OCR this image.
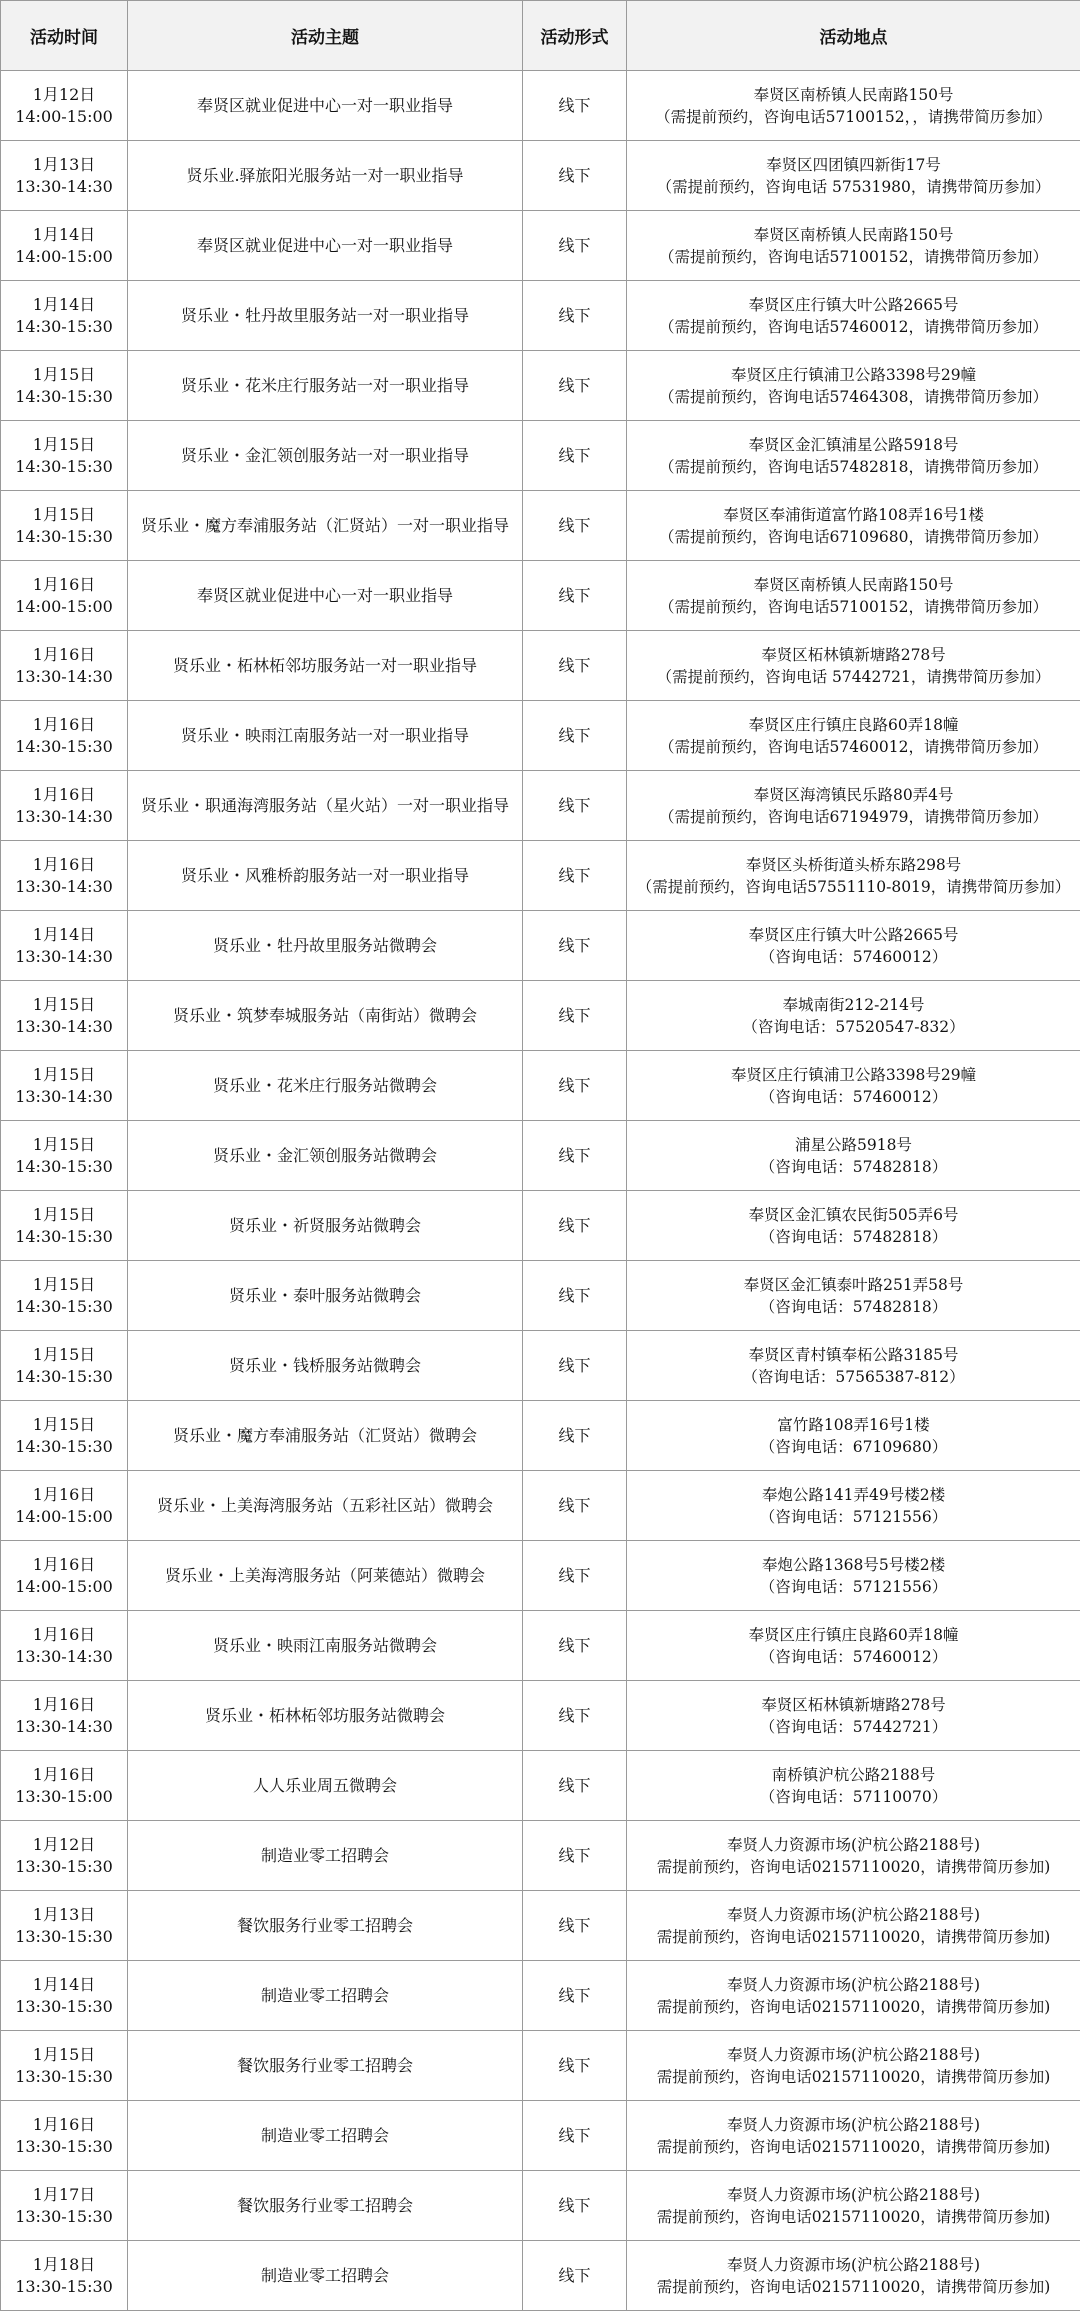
活动时间	活动主题	活动形式	活动地点

1月12日
14:00-15:00	奉贤区就业促进中心一对一职业指导	线下	奉贤区南桥镇人民南路150号
（需提前预约，咨询电话57100152，，请携带简历参加）

1月13日
13:30-14:30	贤乐业.驿旅阳光服务站一对一职业指导	线下	奉贤区四团镇四新街17号
（需提前预约，咨询电话 57531980，请携带简历参加）

1月14日
14:00-15:00	奉贤区就业促进中心一对一职业指导	线下	奉贤区南桥镇人民南路150号
（需提前预约，咨询电话57100152，请携带简历参加）

1月14日
14:30-15:30	贤乐业・牡丹故里服务站一对一职业指导	线下	奉贤区庄行镇大叶公路2665号
（需提前预约，咨询电话57460012，请携带简历参加）

1月15日
14:30-15:30	贤乐业・花米庄行服务站一对一职业指导	线下	奉贤区庄行镇浦卫公路3398号29幢
（需提前预约，咨询电话57464308，请携带简历参加）

1月15日
14:30-15:30	贤乐业・金汇领创服务站一对一职业指导	线下	奉贤区金汇镇浦星公路5918号
（需提前预约，咨询电话57482818，请携带简历参加）

1月15日
14:30-15:30	贤乐业・魔方奉浦服务站（汇贤站）一对一职业指导	线下	奉贤区奉浦街道富竹路108弄16号1楼
（需提前预约，咨询电话67109680，请携带简历参加）

1月16日
14:00-15:00	奉贤区就业促进中心一对一职业指导	线下	奉贤区南桥镇人民南路150号
（需提前预约，咨询电话57100152，请携带简历参加）

1月16日
13:30-14:30	贤乐业・柘林柘邻坊服务站一对一职业指导	线下	奉贤区柘林镇新塘路278号
（需提前预约，咨询电话 57442721，请携带简历参加）

1月16日
14:30-15:30	贤乐业・映雨江南服务站一对一职业指导	线下	奉贤区庄行镇庄良路60弄18幢
（需提前预约，咨询电话57460012，请携带简历参加）

1月16日
13:30-14:30	贤乐业・职通海湾服务站（星火站）一对一职业指导	线下	奉贤区海湾镇民乐路80弄4号
（需提前预约，咨询电话67194979，请携带简历参加）

1月16日
13:30-14:30	贤乐业・风雅桥韵服务站一对一职业指导	线下	奉贤区头桥街道头桥东路298号
（需提前预约，咨询电话57551110-8019，请携带简历参加）

1月14日
13:30-14:30	贤乐业・牡丹故里服务站微聘会	线下	奉贤区庄行镇大叶公路2665号
（咨询电话：57460012）

1月15日
13:30-14:30	贤乐业・筑梦奉城服务站（南街站）微聘会	线下	奉城南街212-214号
（咨询电话：57520547-832）

1月15日
13:30-14:30	贤乐业・花米庄行服务站微聘会	线下	奉贤区庄行镇浦卫公路3398号29幢
（咨询电话：57460012）

1月15日
14:30-15:30	贤乐业・金汇领创服务站微聘会	线下	浦星公路5918号
（咨询电话：57482818）

1月15日
14:30-15:30	贤乐业・祈贤服务站微聘会	线下	奉贤区金汇镇农民街505弄6号
（咨询电话：57482818）

1月15日
14:30-15:30	贤乐业・泰叶服务站微聘会	线下	奉贤区金汇镇泰叶路251弄58号
（咨询电话：57482818）

1月15日
14:30-15:30	贤乐业・钱桥服务站微聘会	线下	奉贤区青村镇奉柘公路3185号
（咨询电话：57565387-812）

1月15日
14:30-15:30	贤乐业・魔方奉浦服务站（汇贤站）微聘会	线下	富竹路108弄16号1楼
（咨询电话：67109680）

1月16日
14:00-15:00	贤乐业・上美海湾服务站（五彩社区站）微聘会	线下	奉炮公路141弄49号楼2楼
（咨询电话：57121556）

1月16日
14:00-15:00	贤乐业・上美海湾服务站（阿莱德站）微聘会	线下	奉炮公路1368号5号楼2楼
（咨询电话：57121556）

1月16日
13:30-14:30	贤乐业・映雨江南服务站微聘会	线下	奉贤区庄行镇庄良路60弄18幢
（咨询电话：57460012）

1月16日
13:30-14:30	贤乐业・柘林柘邻坊服务站微聘会	线下	奉贤区柘林镇新塘路278号
（咨询电话：57442721）

1月16日
13:30-15:00	人人乐业周五微聘会	线下	南桥镇沪杭公路2188号
（咨询电话：57110070）

1月12日
13:30-15:30	制造业零工招聘会	线下	奉贤人力资源市场(沪杭公路2188号)
需提前预约，咨询电话02157110020，请携带简历参加)

1月13日
13:30-15:30	餐饮服务行业零工招聘会	线下	奉贤人力资源市场(沪杭公路2188号)
需提前预约，咨询电话02157110020，请携带简历参加)

1月14日
13:30-15:30	制造业零工招聘会	线下	奉贤人力资源市场(沪杭公路2188号)
需提前预约，咨询电话02157110020，请携带简历参加)

1月15日
13:30-15:30	餐饮服务行业零工招聘会	线下	奉贤人力资源市场(沪杭公路2188号)
需提前预约，咨询电话02157110020，请携带简历参加)

1月16日
13:30-15:30	制造业零工招聘会	线下	奉贤人力资源市场(沪杭公路2188号)
需提前预约，咨询电话02157110020，请携带简历参加)

1月17日
13:30-15:30	餐饮服务行业零工招聘会	线下	奉贤人力资源市场(沪杭公路2188号)
需提前预约，咨询电话02157110020，请携带简历参加)

1月18日
13:30-15:30	制造业零工招聘会	线下	奉贤人力资源市场(沪杭公路2188号)
需提前预约，咨询电话02157110020，请携带简历参加)
